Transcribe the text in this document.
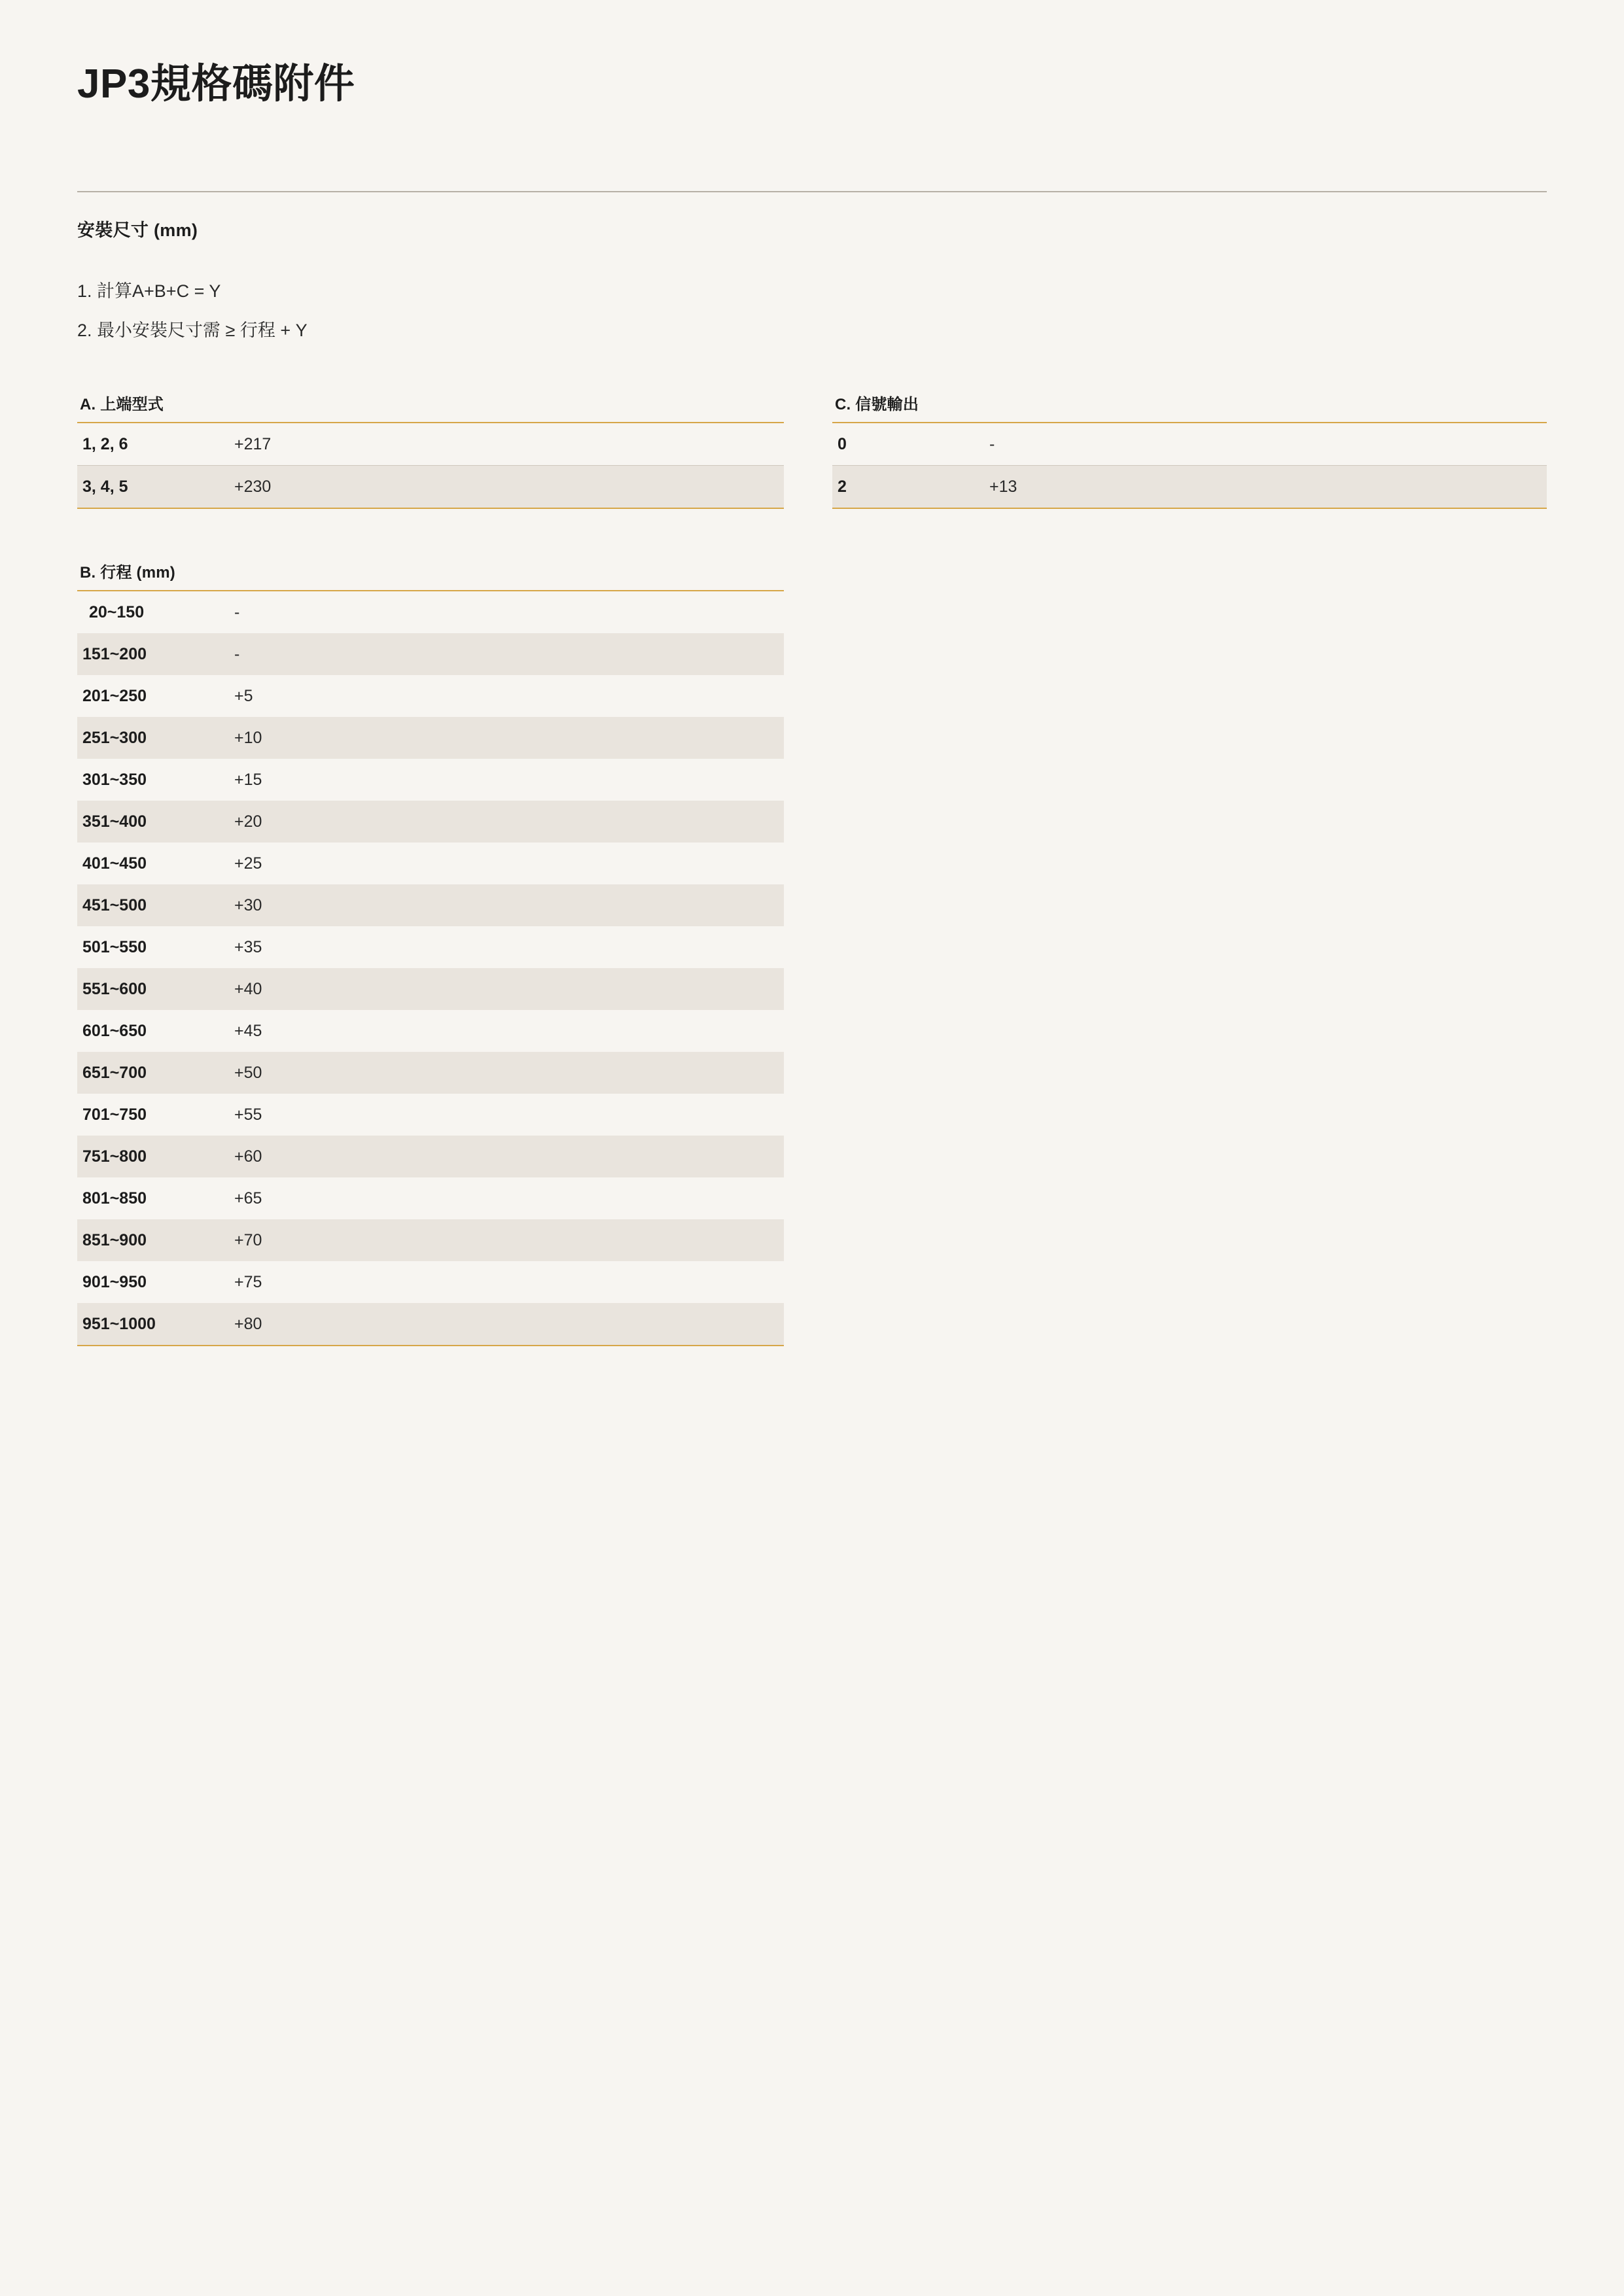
JP3規格碼附件
安裝尺寸 (mm)
1. 計算A+B+C = Y
2. 最小安裝尺寸需 ≥ 行程 + Y
A. 上端型式
1, 2, 6	+217
3, 4, 5	+230
C. 信號輸出
0	-
2	+13
B. 行程 (mm)
20~150	-
151~200	-
201~250	+5
251~300	+10
301~350	+15
351~400	+20
401~450	+25
451~500	+30
501~550	+35
551~600	+40
601~650	+45
651~700	+50
701~750	+55
751~800	+60
801~850	+65
851~900	+70
901~950	+75
951~1000	+80
